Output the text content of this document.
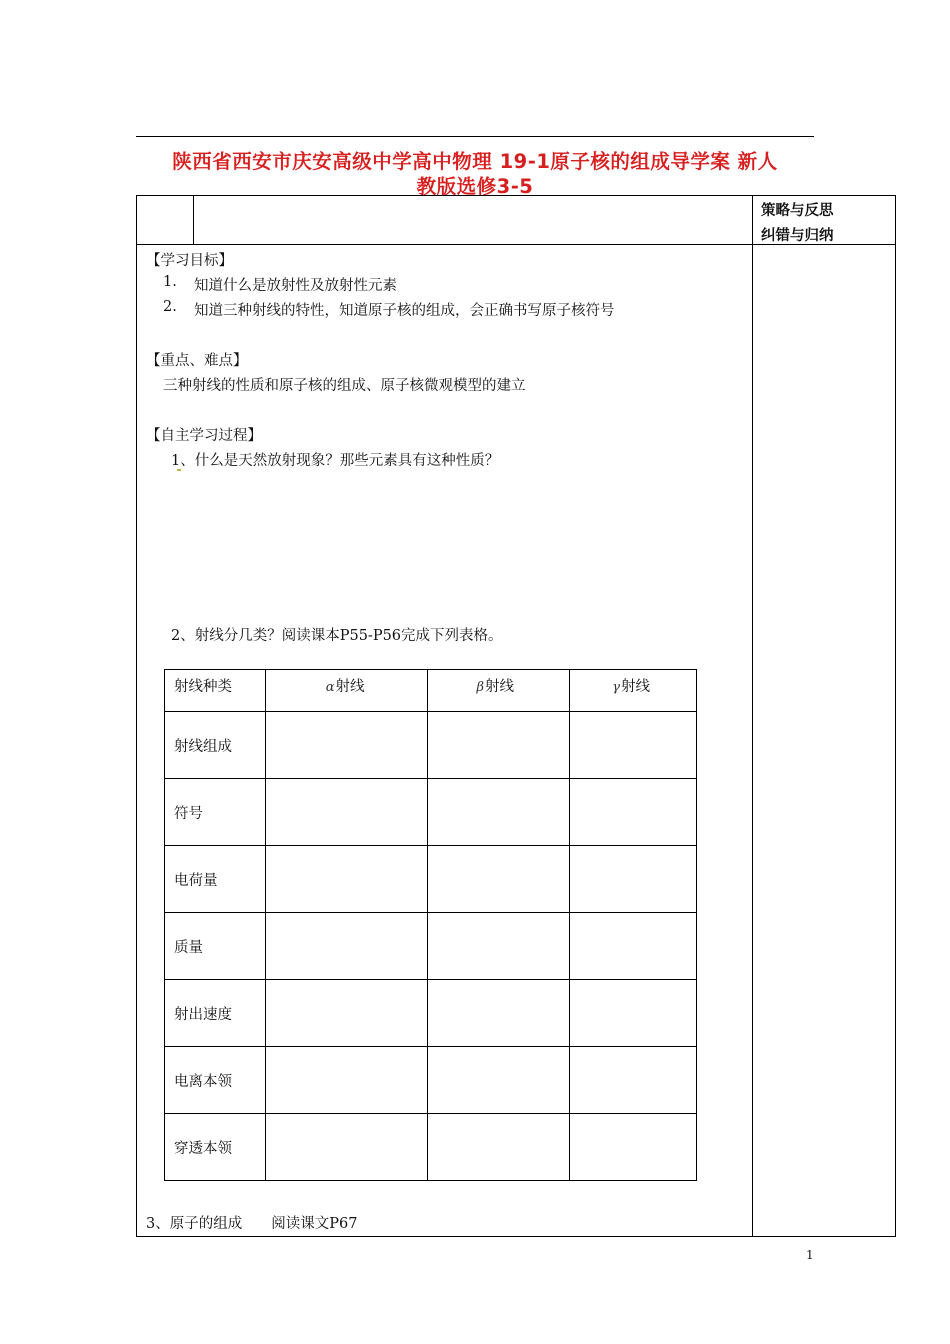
陕西省西安市庆安高级中学高中物理 19-1原子核的组成导学案 新人
教版选修3-5
策略与反思
纠错与归纳
【学习目标】
1. 知道什么是放射性及放射性元素
2. 知道三种射线的特性，知道原子核的组成，会正确书写原子核符号
【重点、难点】
三种射线的性质和原子核的组成、原子核微观模型的建立
【自主学习过程】
1、什么是天然放射现象？那些元素具有这种性质？
2、射线分几类？阅读课本P55-P56完成下列表格。
射线种类	α射线	β射线	γ射线
射线组成			
符号			
电荷量			
质量			
射出速度			
电离本领			
穿透本领			
3、原子的组成　　阅读课文P67
1
